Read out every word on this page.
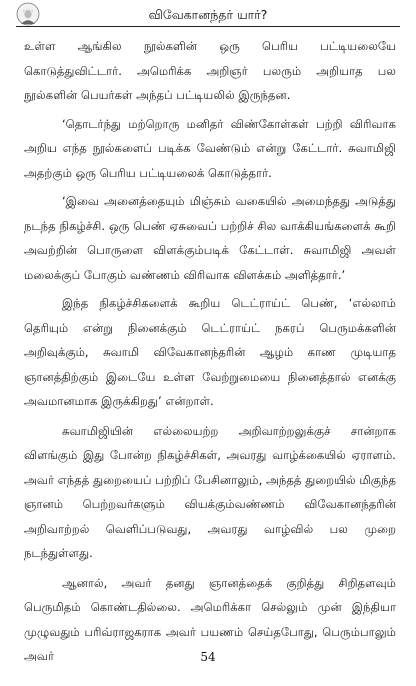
விவேகானந்தர் யார்?

உள்ள ஆங்கில நூல்களின் ஒரு பெரிய பட்டியலையே கொடுத்துவிட்டார். அமெரிக்க அறிஞர் பலரும் அறியாத பல நூல்களின் பெயர்கள் அந்தப் பட்டியலில் இருந்தன.

‘தொடர்ந்து மற்றொரு மனிதர் விண்கோள்கள் பற்றி விரிவாக அறிய எந்த நூல்களைப் படிக்க வேண்டும் என்று கேட்டார். சுவாமிஜி அதற்கும் ஒரு பெரிய பட்டியலைக் கொடுத்தார்.

‘இவை அனைத்தையும் மிஞ்சும் வகையில் அமைந்தது அடுத்து நடந்த நிகழ்ச்சி. ஒரு பெண் ஏசுவைப் பற்றிச் சில வாக்கியங்களைக் கூறி அவற்றின் பொருளை விளக்கும்படிக் கேட்டாள். சுவாமிஜி அவள் மலைக்குப் போகும் வண்ணம் விரிவாக விளக்கம் அளித்தார்.’

இந்த நிகழ்ச்சிகளைக் கூறிய டெட்ராய்ட் பெண், ‘எல்லாம் தெரியும் என்று நினைக்கும் டெட்ராய்ட் நகரப் பெருமக்களின் அறிவுக்கும், சுவாமி விவேகானந்தரின் ஆழம் காண முடியாத ஞானத்திற்கும் இடையே உள்ள வேற்றுமையை நினைத்தால் எனக்கு அவமானமாக இருக்கிறது’ என்றாள்.

சுவாமிஜியின் எல்லையற்ற அறிவாற்றலுக்குச் சான்றாக விளங்கும் இது போன்ற நிகழ்ச்சிகள், அவரது வாழ்க்கையில் ஏராளம். அவர் எந்தத் துறையைப் பற்றிப் பேசினாலும், அந்தத் துறையில் மிகுந்த ஞானம் பெற்றவர்களும் வியக்கும்வண்ணம் விவேகானந்தரின் அறிவாற்றல் வெளிப்படுவது, அவரது வாழ்வில் பல முறை நடந்துள்ளது.

ஆனால், அவர் தனது ஞானத்தைக் குறித்து சிறிதளவும் பெருமிதம் கொண்டதில்லை. அமெரிக்கா செல்லும் முன் இந்தியா முழுவதும் பரிவ்ராஜகராக அவர் பயணம் செய்தபோது, பெரும்பாலும் அவர்	54
